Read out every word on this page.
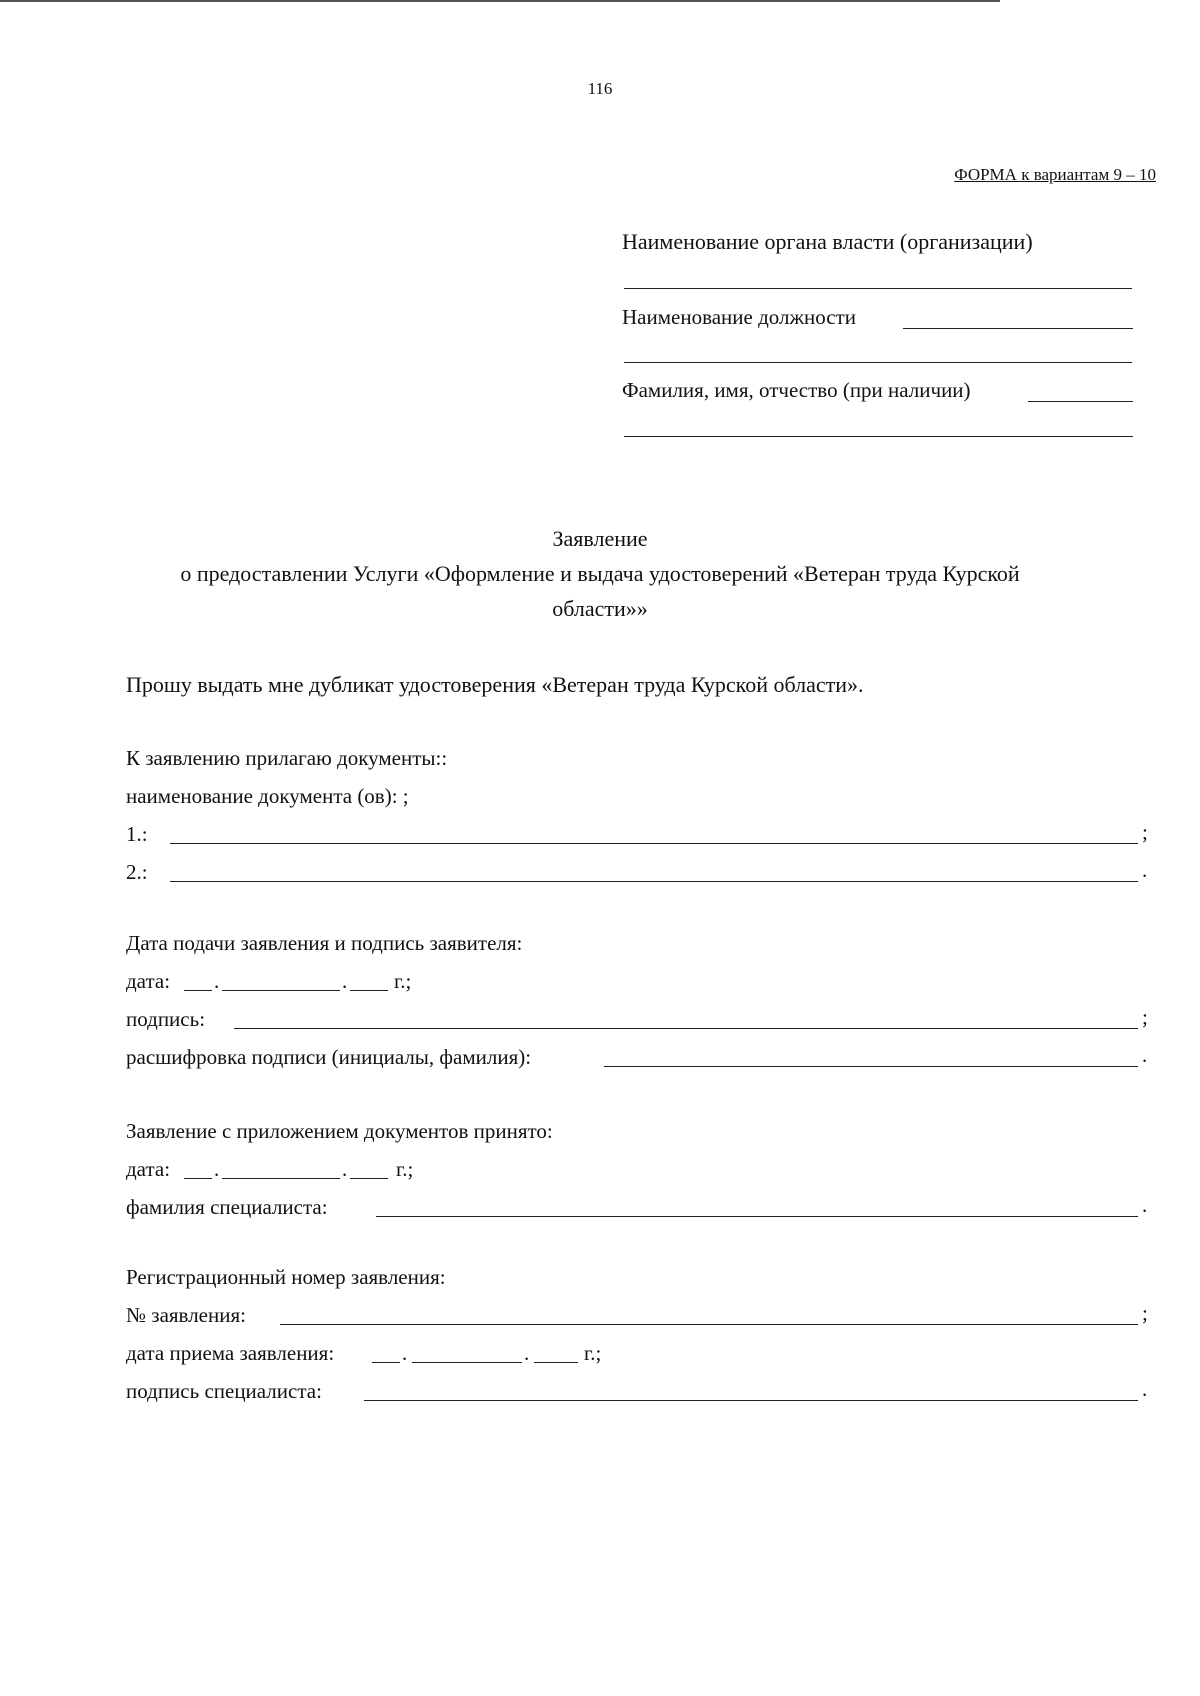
116
ФОРМА к вариантам 9 – 10
Наименование органа власти (организации)
Наименование должности
Фамилия, имя, отчество (при наличии)
Заявление
о предоставлении Услуги «Оформление и выдача удостоверений «Ветеран труда Курской
области»»
Прошу выдать мне дубликат удостоверения «Ветеран труда Курской области».
К заявлению прилагаю документы::
наименование документа (ов): ;
1.:	;
2.:	.
Дата подачи заявления и подпись заявителя:
дата: .	. г.;
подпись:	;
расшифровка подписи (инициалы, фамилия):	.
Заявление с приложением документов принято:
дата: .	. г.;
фамилия специалиста:	.
Регистрационный номер заявления:
№ заявления:	;
дата приема заявления:	.	.	г.;
подпись специалиста:	.
